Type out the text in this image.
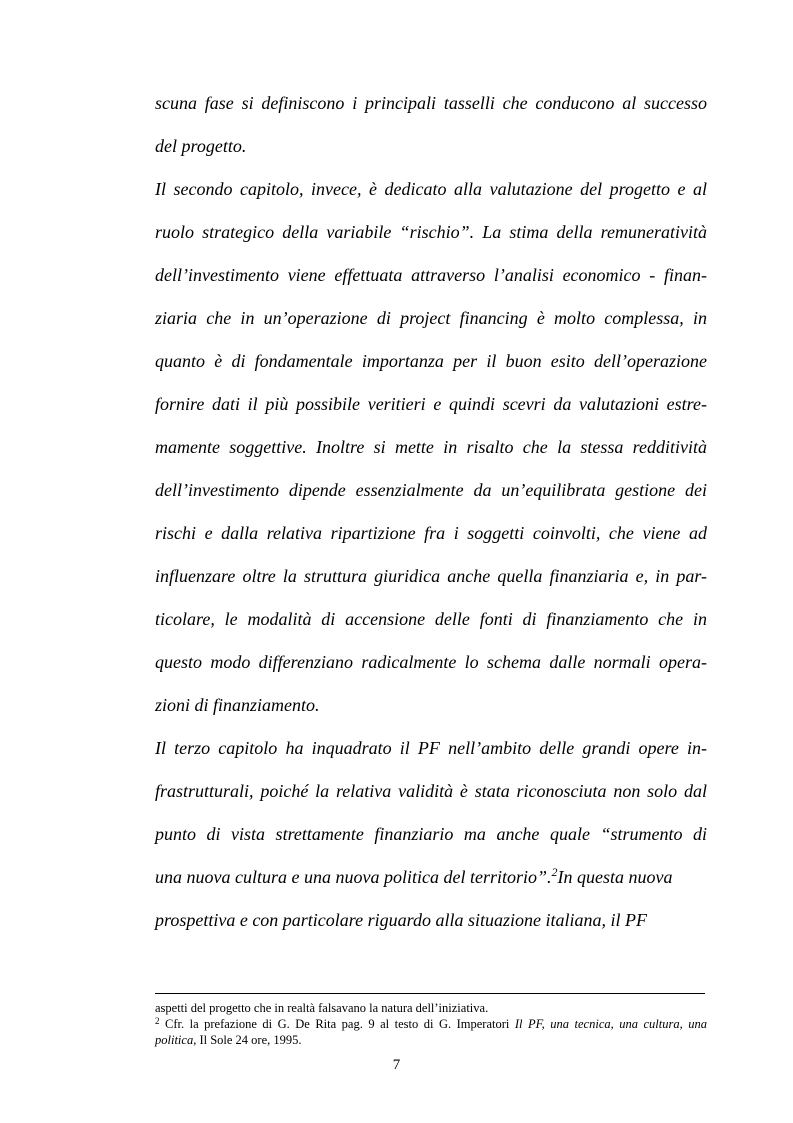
scuna fase si definiscono i principali tasselli che conducono al successo
del progetto.
Il secondo capitolo, invece, è dedicato alla valutazione del progetto e al
ruolo strategico della variabile “rischio”. La stima della remuneratività
dell’investimento viene effettuata attraverso l’analisi economico - finan-
ziaria che in un’operazione di project financing è molto complessa, in
quanto è di fondamentale importanza per il buon esito dell’operazione
fornire dati il più possibile veritieri e quindi scevri da valutazioni estre-
mamente soggettive. Inoltre si mette in risalto che la stessa redditività
dell’investimento dipende essenzialmente da un’equilibrata gestione dei
rischi e dalla relativa ripartizione fra i soggetti coinvolti, che viene ad
influenzare oltre la struttura giuridica anche quella finanziaria e, in par-
ticolare, le modalità di accensione delle fonti di finanziamento che in
questo modo differenziano radicalmente lo schema dalle normali opera-
zioni di finanziamento.
Il terzo capitolo ha inquadrato il PF nell’ambito delle grandi opere in-
frastrutturali, poiché la relativa validità è stata riconosciuta non solo dal
punto di vista strettamente finanziario ma anche quale “strumento di
una nuova cultura e una nuova politica del territorio”.$^2$In questa nuova
prospettiva e con particolare riguardo alla situazione italiana, il PF
aspetti del progetto che in realtà falsavano la natura dell’iniziativa.
$^2$ Cfr. la prefazione di G. De Rita pag. 9 al testo di G. Imperatori Il PF, una tecnica, una cultura, una
politica, Il Sole 24 ore, 1995.
7
